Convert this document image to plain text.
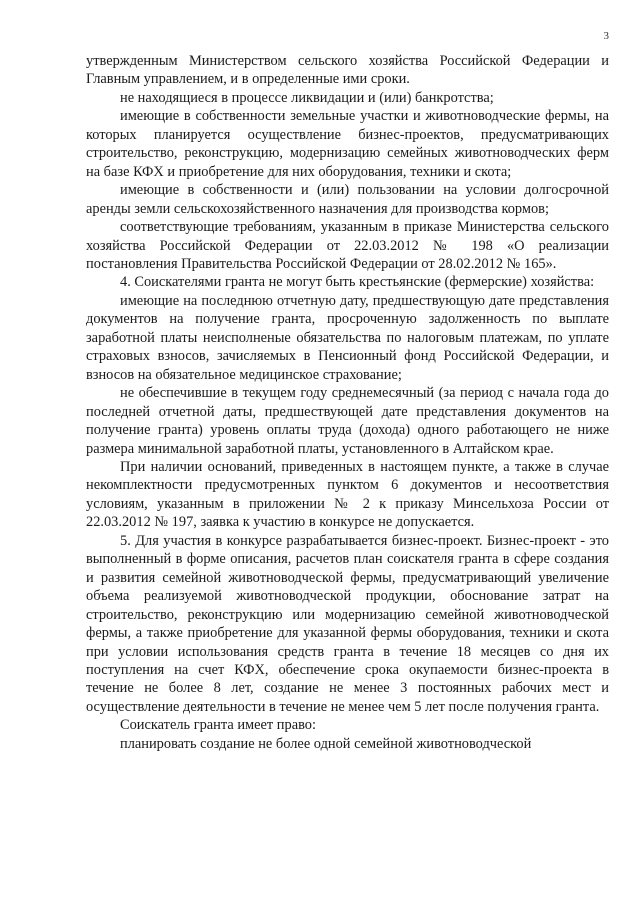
3

утвержденным Министерством сельского хозяйства Российской Федерации и Главным управлением, и в определенные ими сроки.

не находящиеся в процессе ликвидации и (или) банкротства;

имеющие в собственности земельные участки и животноводческие фермы, на которых планируется осуществление бизнес-проектов, предусматривающих строительство, реконструкцию, модернизацию семейных животноводческих ферм на базе КФХ и приобретение для них оборудования, техники и скота;

имеющие в собственности и (или) пользовании на условии долгосрочной аренды земли сельскохозяйственного назначения для производства кормов;

соответствующие требованиям, указанным в приказе Министерства сельского хозяйства Российской Федерации от 22.03.2012 № 198 «О реализации постановления Правительства Российской Федерации от 28.02.2012 № 165».

4. Соискателями гранта не могут быть крестьянские (фермерские) хозяйства:

имеющие на последнюю отчетную дату, предшествующую дате представления документов на получение гранта, просроченную задолженность по выплате заработной платы неисполненые обязательства по налоговым платежам, по уплате страховых взносов, зачисляемых в Пенсионный фонд Российской Федерации, и взносов на обязательное медицинское страхование;

не обеспечившие в текущем году среднемесячный (за период с начала года до последней отчетной даты, предшествующей дате представления документов на получение гранта) уровень оплаты труда (дохода) одного работающего не ниже размера минимальной заработной платы, установленного в Алтайском крае.

При наличии оснований, приведенных в настоящем пункте, а также в случае некомплектности предусмотренных пунктом 6 документов и несоответствия условиям, указанным в приложении № 2 к приказу Минсельхоза России от 22.03.2012 № 197, заявка к участию в конкурсе не допускается.

5. Для участия в конкурсе разрабатывается бизнес-проект. Бизнес-проект - это выполненный в форме описания, расчетов план соискателя гранта в сфере создания и развития семейной животноводческой фермы, предусматривающий увеличение объема реализуемой животноводческой продукции, обоснование затрат на строительство, реконструкцию или модернизацию семейной животноводческой фермы, а также приобретение для указанной фермы оборудования, техники и скота при условии использования средств гранта в течение 18 месяцев со дня их поступления на счет КФХ, обеспечение срока окупаемости бизнес-проекта в течение не более 8 лет, создание не менее 3 постоянных рабочих мест и осуществление деятельности в течение не менее чем 5 лет после получения гранта.

Соискатель гранта имеет право:

планировать создание не более одной семейной животноводческой
